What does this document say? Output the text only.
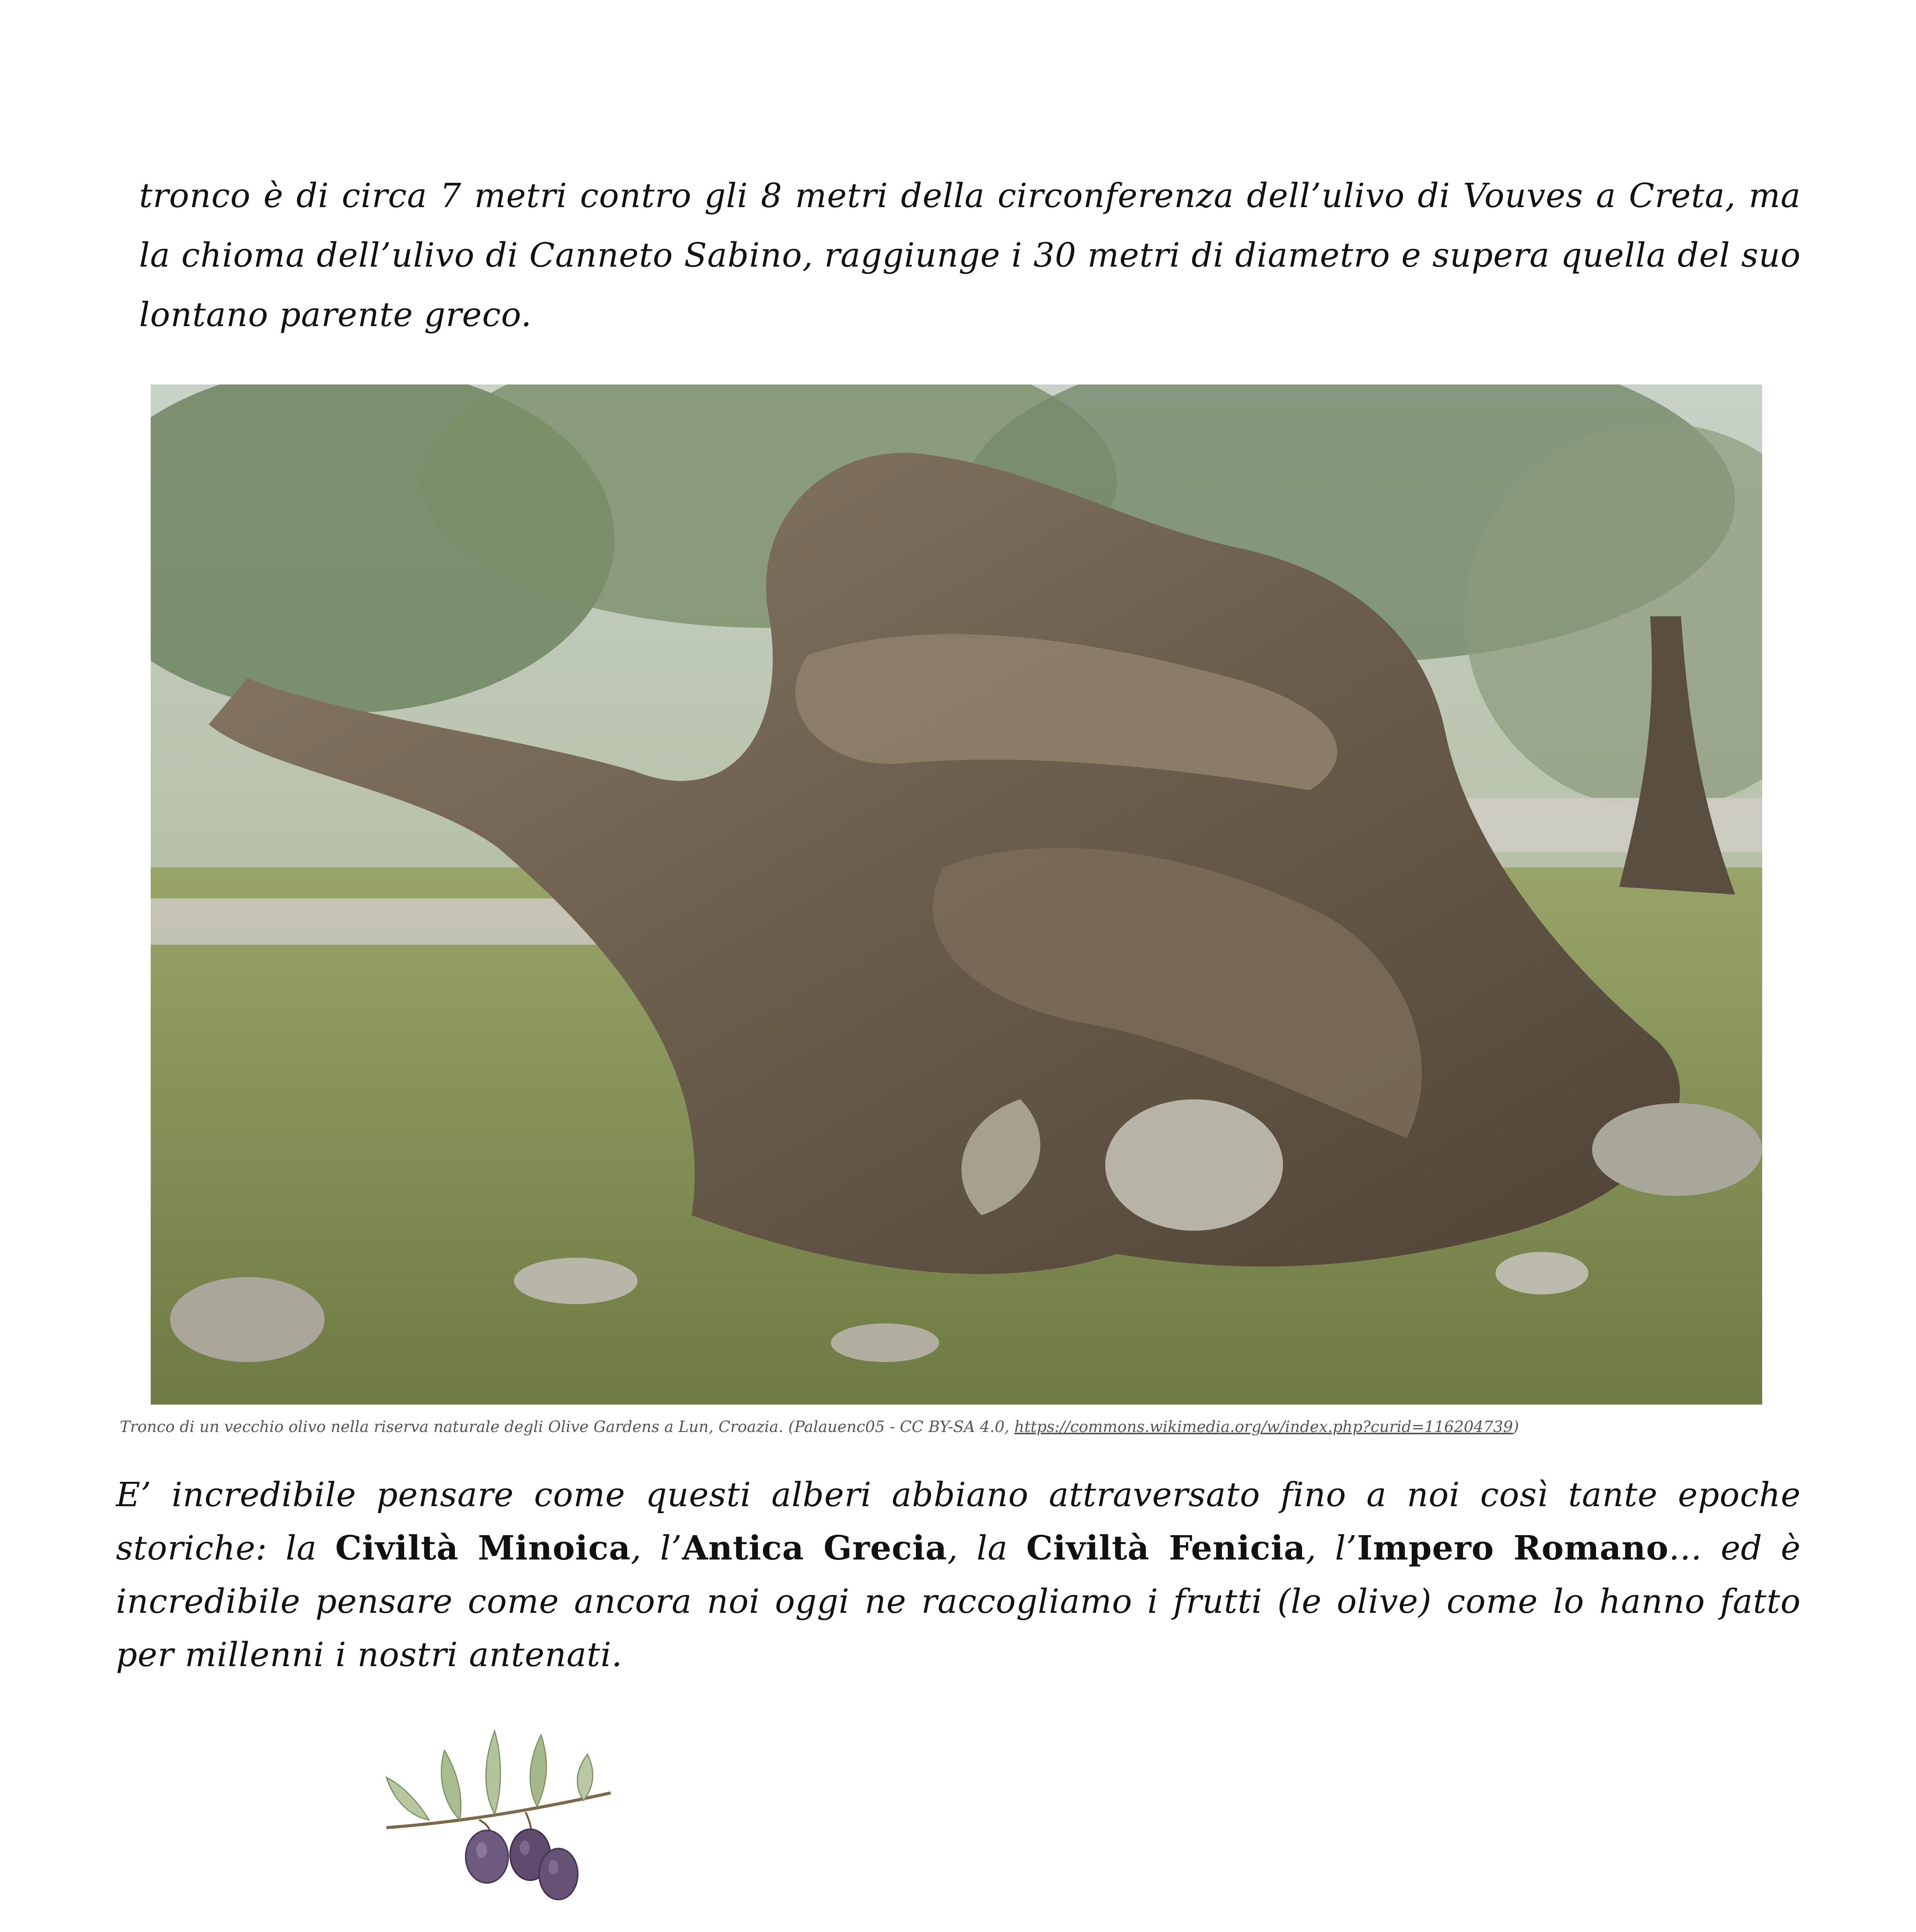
tronco è di circa 7 metri contro gli 8 metri della circonferenza dell’ulivo di Vouves a Creta, ma la chioma dell’ulivo di Canneto Sabino, raggiunge i 30 metri di diametro e supera quella del suo lontano parente greco.

Tronco di un vecchio olivo nella riserva naturale degli Olive Gardens a Lun, Croazia. (Palauenc05 - CC BY-SA 4.0, https://commons.wikimedia.org/w/index.php?curid=116204739)

E’ incredibile pensare come questi alberi abbiano attraversato fino a noi così tante epoche storiche: la Civiltà Minoica, l’Antica Grecia, la Civiltà Fenicia, l’Impero Romano… ed è incredibile pensare come ancora noi oggi ne raccogliamo i frutti (le olive) come lo hanno fatto per millenni i nostri antenati.
